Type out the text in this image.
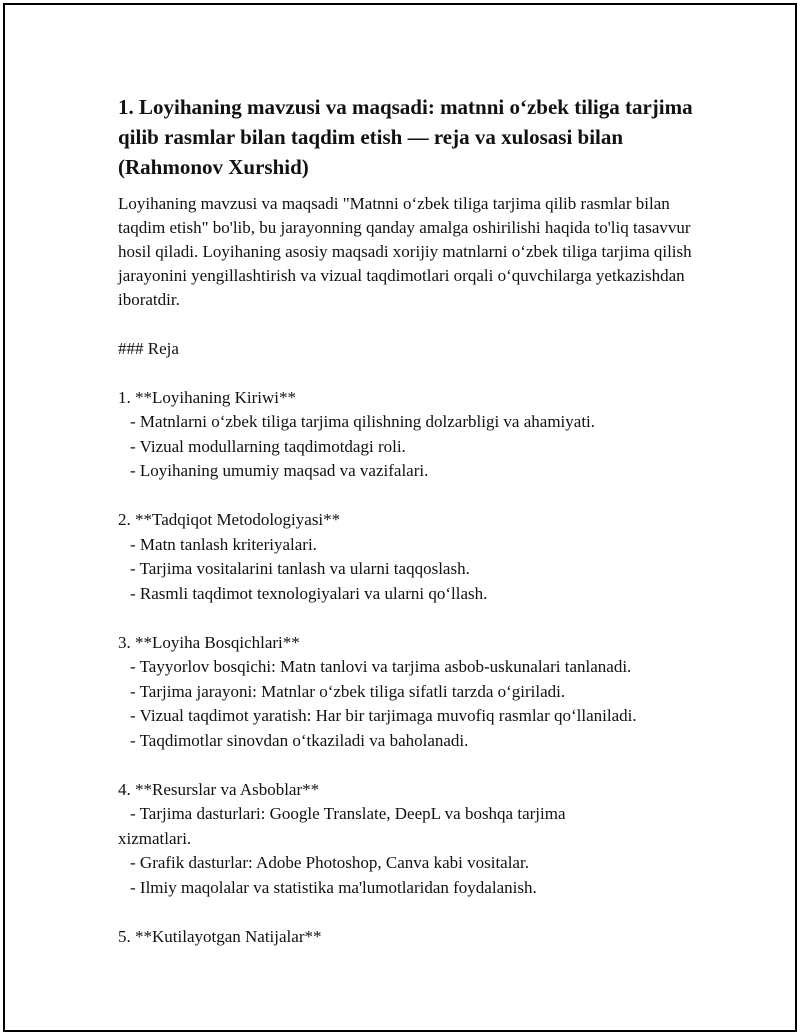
1. Loyihaning mavzusi va maqsadi: matnni o‘zbek tiliga tarjima qilib rasmlar bilan taqdim etish — reja va xulosasi bilan (Rahmonov Xurshid)

Loyihaning mavzusi va maqsadi "Matnni o‘zbek tiliga tarjima qilib rasmlar bilan taqdim etish" bo'lib, bu jarayonning qanday amalga oshirilishi haqida to'liq tasavvur hosil qiladi. Loyihaning asosiy maqsadi xorijiy matnlarni o‘zbek tiliga tarjima qilish jarayonini yengillashtirish va vizual taqdimotlari orqali o‘quvchilarga yetkazishdan iboratdir.

### Reja

1. **Loyihaning Kiriwi**

- Matnlarni o‘zbek tiliga tarjima qilishning dolzarbligi va ahamiyati.

- Vizual modullarning taqdimotdagi roli.

- Loyihaning umumiy maqsad va vazifalari.

2. **Tadqiqot Metodologiyasi**

- Matn tanlash kriteriyalari.

- Tarjima vositalarini tanlash va ularni taqqoslash.

- Rasmli taqdimot texnologiyalari va ularni qo‘llash.

3. **Loyiha Bosqichlari**

- Tayyorlov bosqichi: Matn tanlovi va tarjima asbob-uskunalari tanlanadi.

- Tarjima jarayoni: Matnlar o‘zbek tiliga sifatli tarzda o‘giriladi.

- Vizual taqdimot yaratish: Har bir tarjimaga muvofiq rasmlar qo‘llaniladi.

- Taqdimotlar sinovdan o‘tkaziladi va baholanadi.

4. **Resurslar va Asboblar**

- Tarjima dasturlari: Google Translate, DeepL va boshqa tarjima

xizmatlari.

- Grafik dasturlar: Adobe Photoshop, Canva kabi vositalar.

- Ilmiy maqolalar va statistika ma'lumotlaridan foydalanish.

5. **Kutilayotgan Natijalar**
